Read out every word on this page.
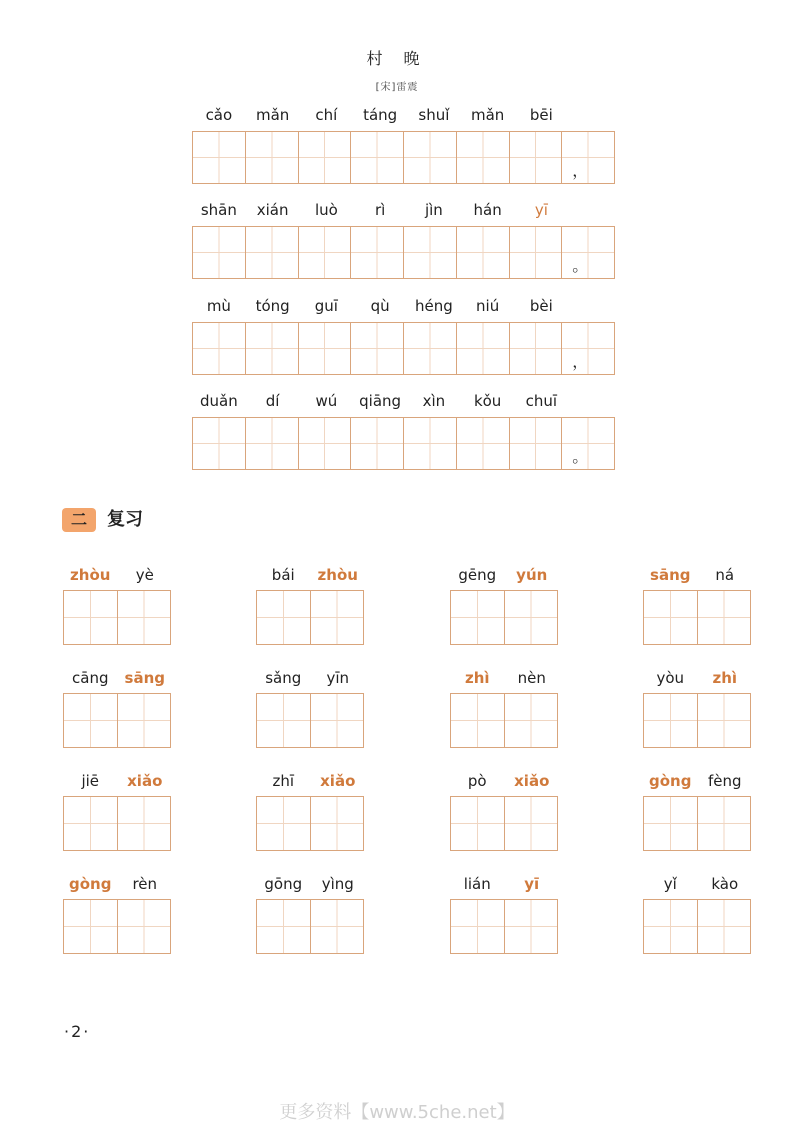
村 晚
[宋]雷震
cǎo	mǎn	chí	táng	shuǐ	mǎn	bēi
，
shān	xián	luò	rì	jìn	hán	yī
。
mù	tóng	guī	qù	héng	niú	bèi
，
duǎn	dí	wú	qiāng	xìn	kǒu	chuī
。
二	复习
zhòu	yè	bái	zhòu	gēng	yún	sāng	ná
cāng	sāng	sǎng	yīn	zhì	nèn	yòu	zhì
jiē	xiǎo	zhī	xiǎo	pò	xiǎo	gòng	fèng
gòng	rèn	gōng	yìng	lián	yī	yǐ	kào
·2·
更多资料【www.5che.net】
